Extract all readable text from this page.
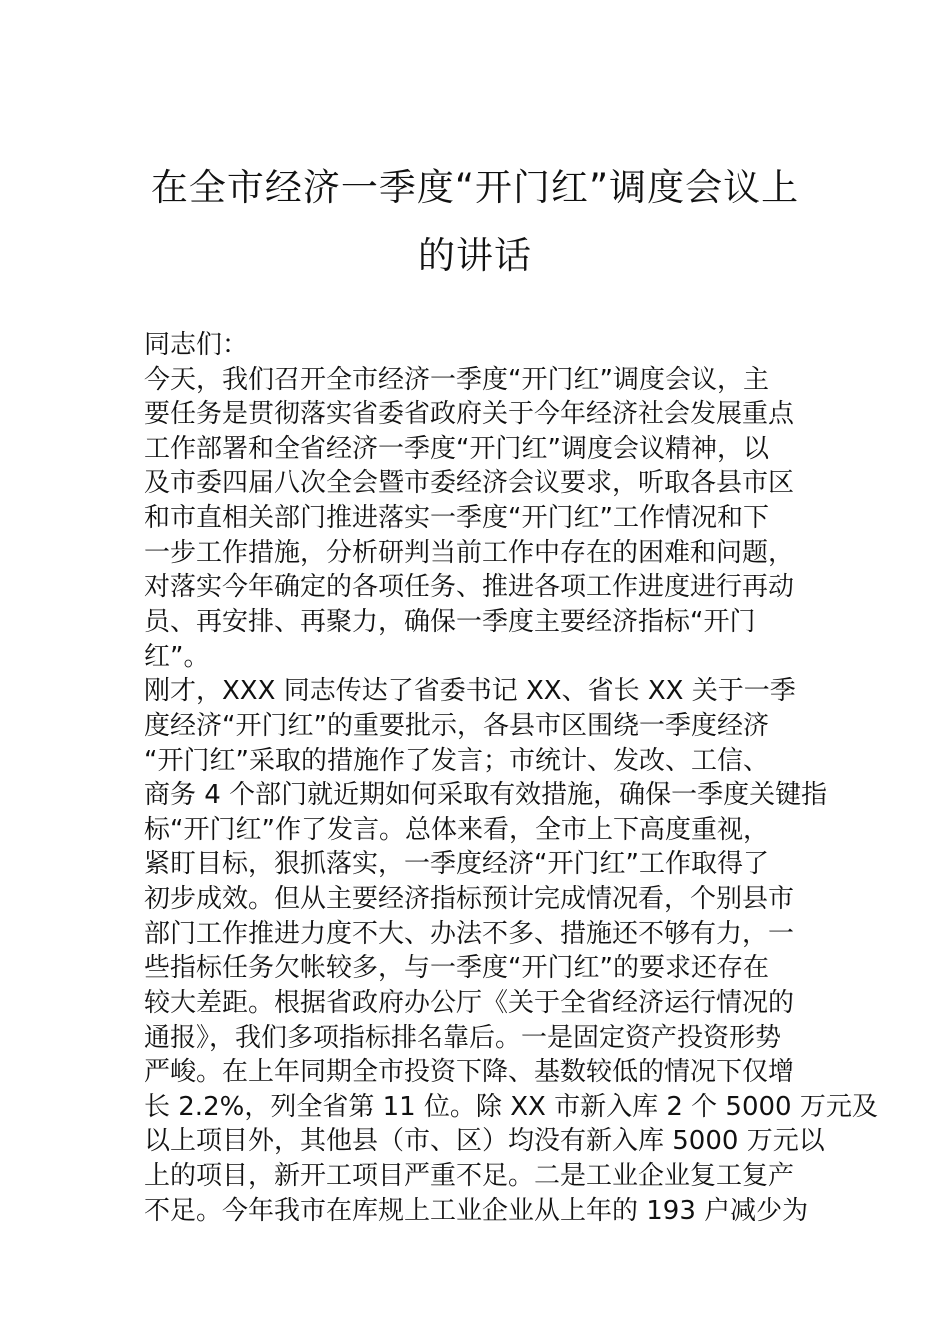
在全市经济一季度“开门红”调度会议上
的讲话
同志们：
今天，我们召开全市经济一季度“开门红”调度会议，主
要任务是贯彻落实省委省政府关于今年经济社会发展重点
工作部署和全省经济一季度“开门红”调度会议精神，以
及市委四届八次全会暨市委经济会议要求，听取各县市区
和市直相关部门推进落实一季度“开门红”工作情况和下
一步工作措施，分析研判当前工作中存在的困难和问题，
对落实今年确定的各项任务、推进各项工作进度进行再动
员、再安排、再聚力，确保一季度主要经济指标“开门
红”。
刚才，XXX 同志传达了省委书记 XX、省长 XX 关于一季
度经济“开门红”的重要批示，各县市区围绕一季度经济
“开门红”采取的措施作了发言；市统计、发改、工信、
商务 4 个部门就近期如何采取有效措施，确保一季度关键指
标“开门红”作了发言。总体来看，全市上下高度重视，
紧盯目标，狠抓落实，一季度经济“开门红”工作取得了
初步成效。但从主要经济指标预计完成情况看，个别县市
部门工作推进力度不大、办法不多、措施还不够有力，一
些指标任务欠帐较多，与一季度“开门红”的要求还存在
较大差距。根据省政府办公厅《关于全省经济运行情况的
通报》，我们多项指标排名靠后。一是固定资产投资形势
严峻。在上年同期全市投资下降、基数较低的情况下仅增
长 2.2%，列全省第 11 位。除 XX 市新入库 2 个 5000 万元及
以上项目外，其他县（市、区）均没有新入库 5000 万元以
上的项目，新开工项目严重不足。二是工业企业复工复产
不足。今年我市在库规上工业企业从上年的 193 户减少为
